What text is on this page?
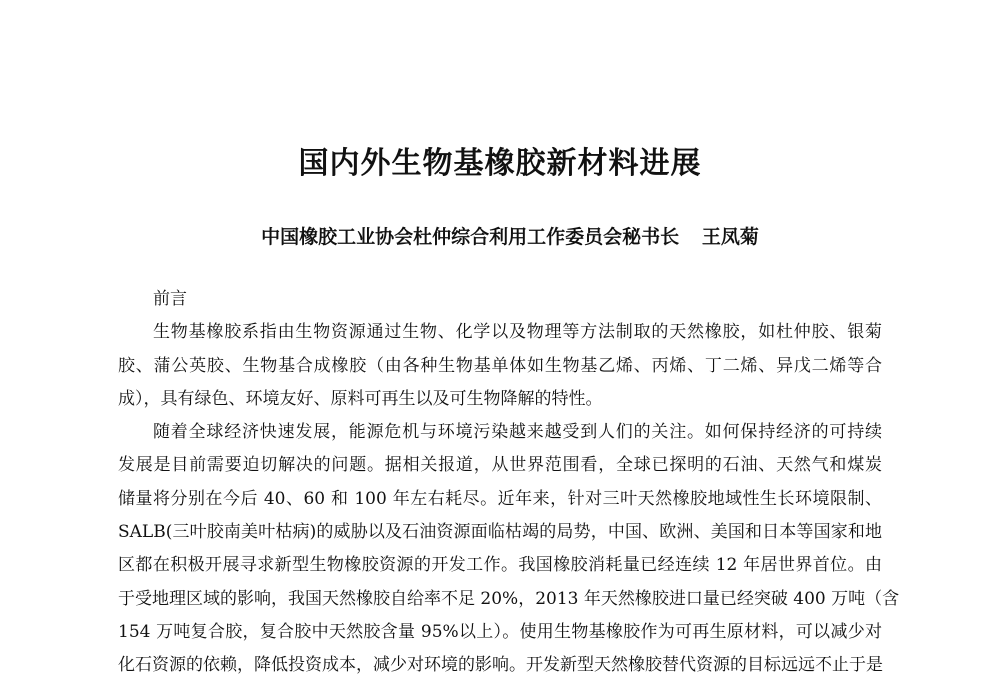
国内外生物基橡胶新材料进展
中国橡胶工业协会杜仲综合利用工作委员会秘书长 王凤菊
前言
生物基橡胶系指由生物资源通过生物、化学以及物理等方法制取的天然橡胶，如杜仲胶、银菊
胶、蒲公英胶、生物基合成橡胶（由各种生物基单体如生物基乙烯、丙烯、丁二烯、异戊二烯等合
成），具有绿色、环境友好、原料可再生以及可生物降解的特性。
随着全球经济快速发展，能源危机与环境污染越来越受到人们的关注。如何保持经济的可持续
发展是目前需要迫切解决的问题。据相关报道，从世界范围看，全球已探明的石油、天然气和煤炭
储量将分别在今后 40、60 和 100 年左右耗尽。近年来，针对三叶天然橡胶地域性生长环境限制、
SALB(三叶胶南美叶枯病)的威胁以及石油资源面临枯竭的局势，中国、欧洲、美国和日本等国家和地
区都在积极开展寻求新型生物橡胶资源的开发工作。我国橡胶消耗量已经连续 12 年居世界首位。由
于受地理区域的影响，我国天然橡胶自给率不足 20%，2013 年天然橡胶进口量已经突破 400 万吨（含
154 万吨复合胶，复合胶中天然胶含量 95%以上）。使用生物基橡胶作为可再生原材料，可以减少对
化石资源的依赖，降低投资成本，减少对环境的影响。开发新型天然橡胶替代资源的目标远远不止于是
